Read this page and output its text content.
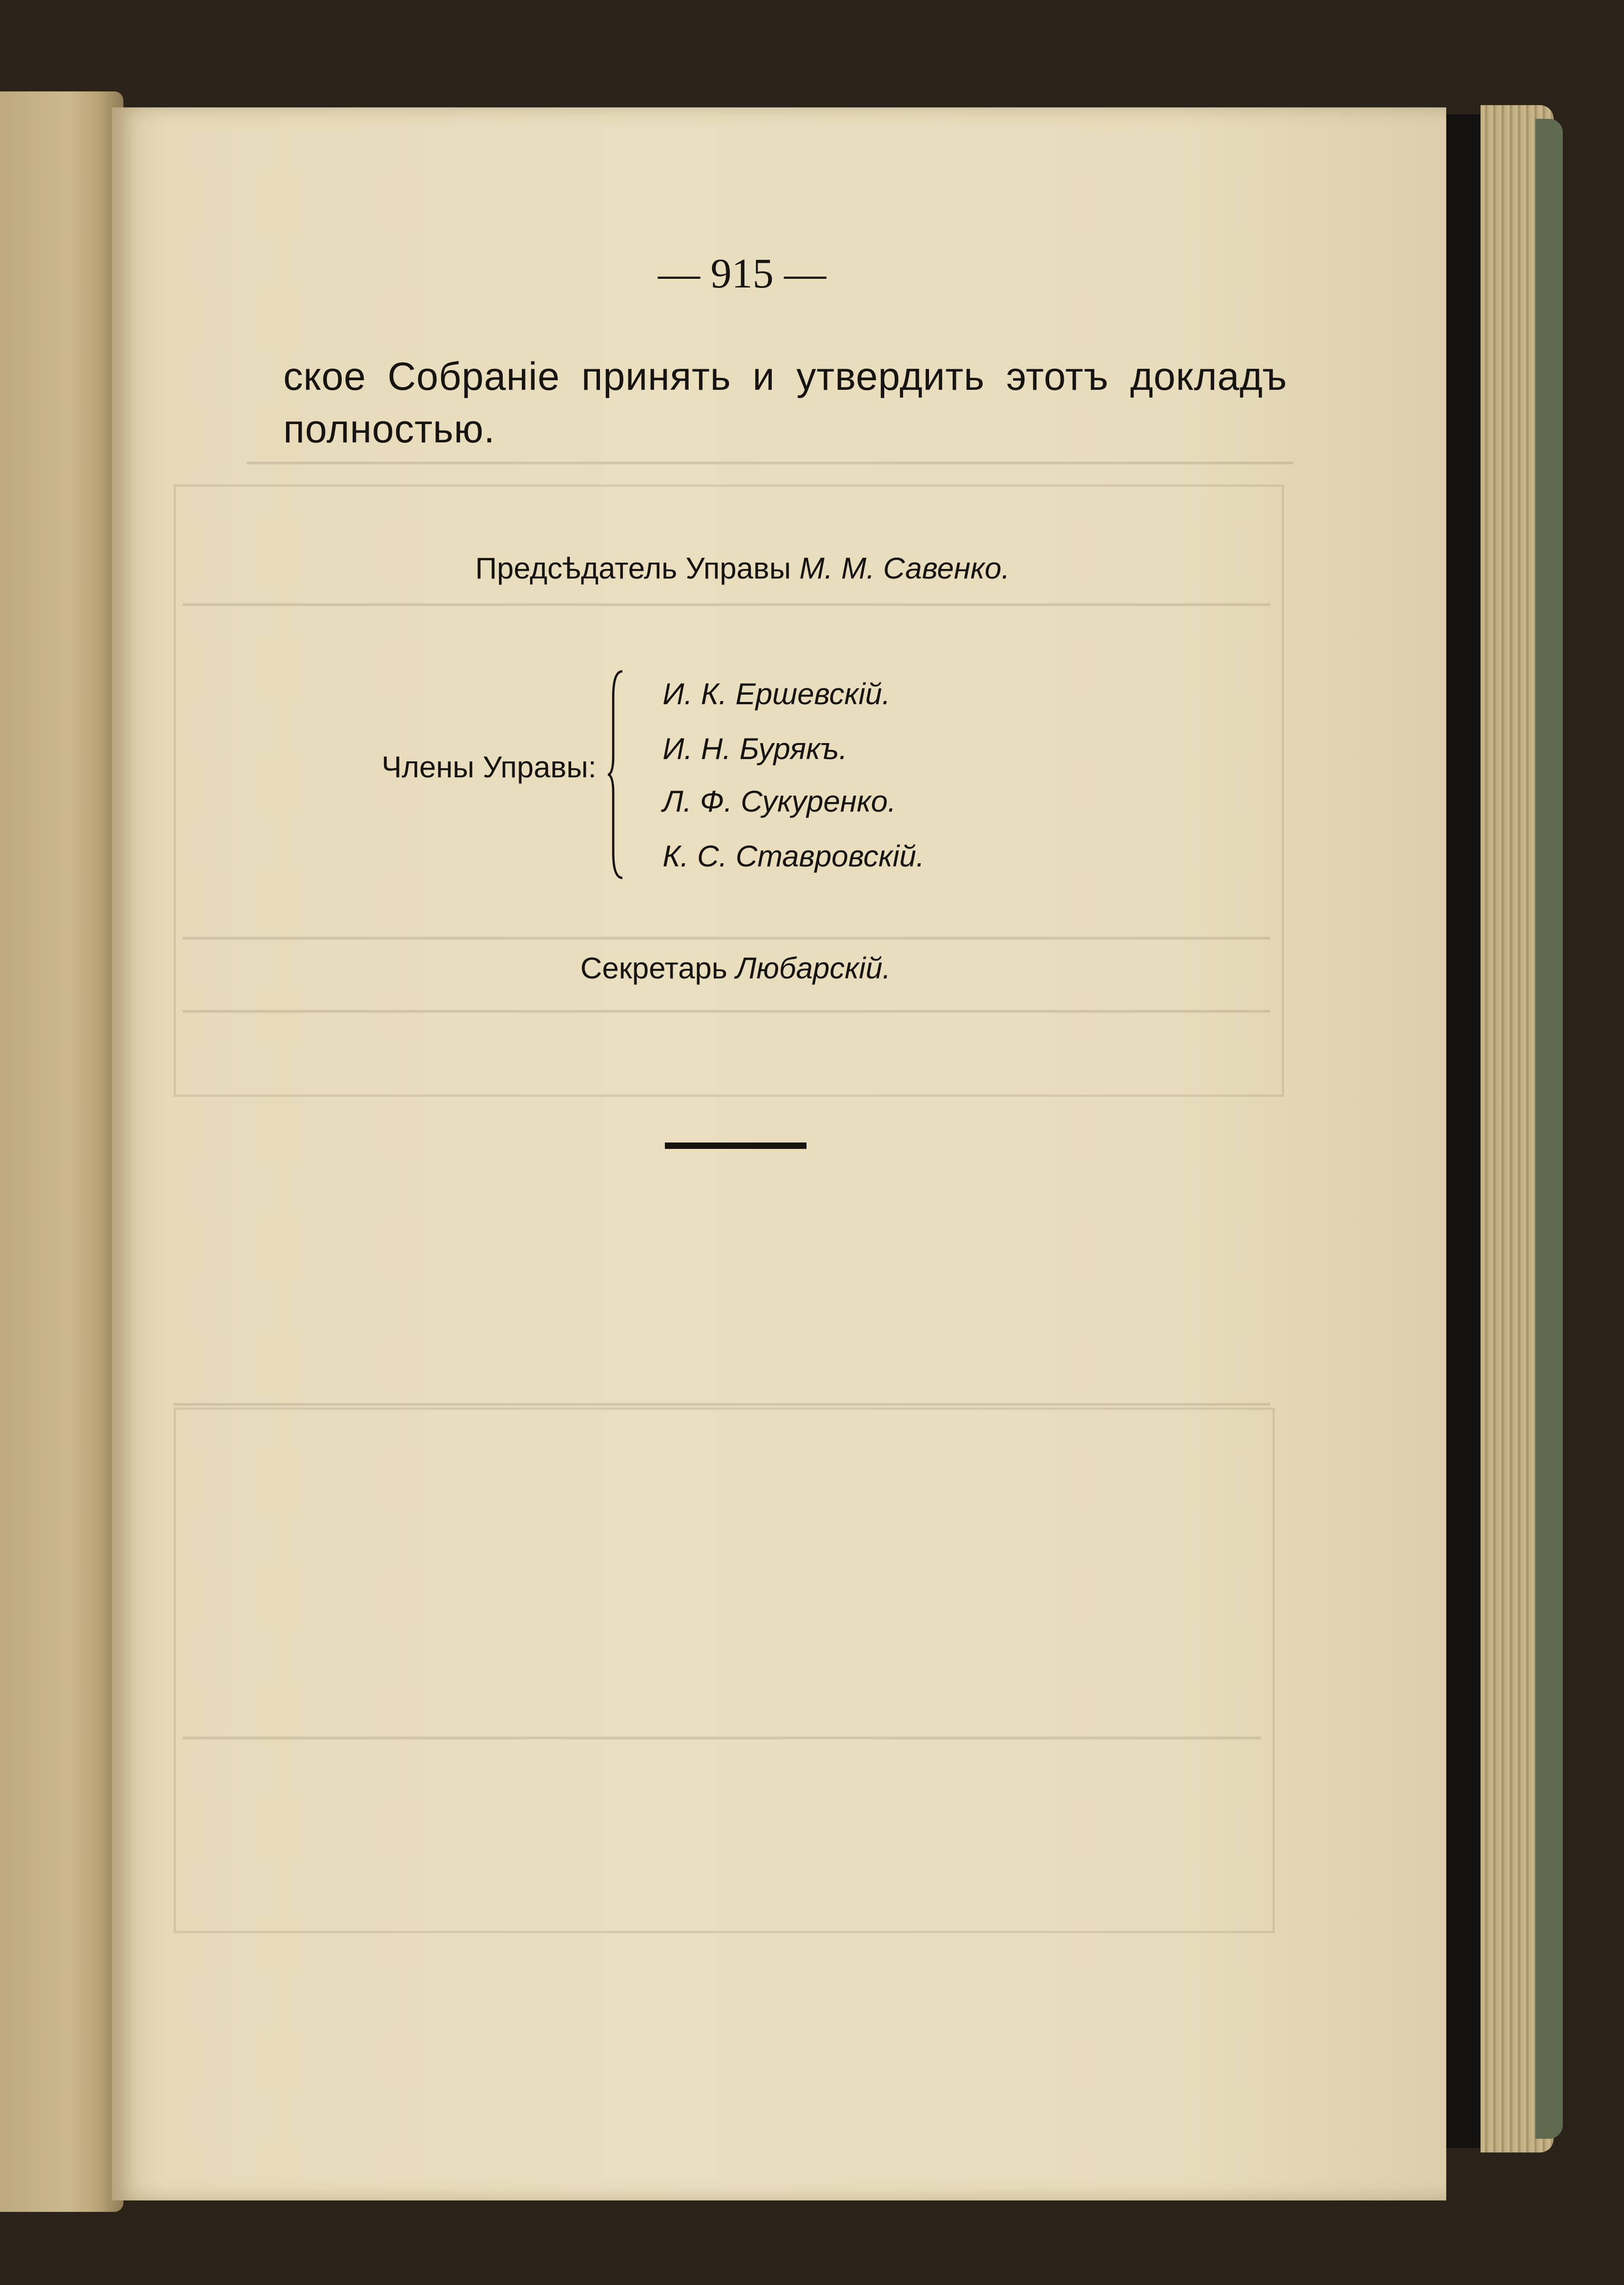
— 915 —
ское Собраніе принять и утвердить этотъ докладъ
полностью.
Предсѣдатель Управы М. М. Савенко.
Члены Управы:
И. К. Ершевскій.
И. Н. Бурякъ.
Л. Ф. Сукуренко.
К. С. Ставровскій.
Секретарь Любарскій.
